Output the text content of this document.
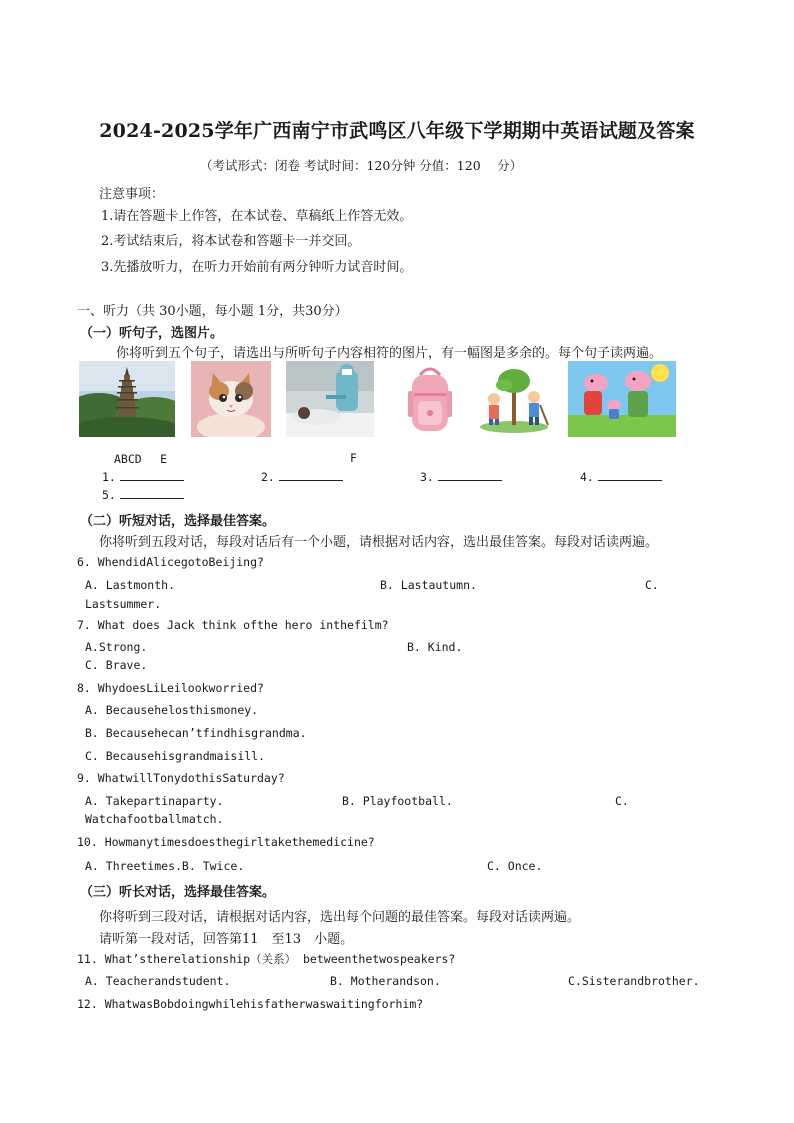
2024-2025学年广西南宁市武鸣区八年级下学期期中英语试题及答案
（考试形式：闭卷 考试时间：120分钟 分值：120　 分）
注意事项：
1.请在答题卡上作答，在本试卷、草稿纸上作答无效。
2.考试结束后，将本试卷和答题卡一并交回。
3.先播放听力，在听力开始前有两分钟听力试音时间。
一、听力（共 30小题，每小题 1分，共30分）
（一）听句子，选图片。
你将听到五个句子，请选出与所听句子内容相符的图片，有一幅图是多余的。每个句子读两遍。
ABCD　 E	F
1.	2.	3.	4.
5.
（二）听短对话，选择最佳答案。
你将听到五段对话，每段对话后有一个小题，请根据对话内容，选出最佳答案。每段对话读两遍。
6. WhendidAlicegotoBeijing?
A. Lastmonth.	B. Lastautumn.	C.
Lastsummer.
7. What does Jack think ofthe hero inthefilm?
A.Strong.	B. Kind.
C. Brave.
8. WhydoesLiLeilookworried?
A. Becausehelosthismoney.
B. Becausehecan’tfindhisgrandma.
C. Becausehisgrandmaisill.
9. WhatwillTonydothisSaturday?
A. Takepartinaparty.	B. Playfootball.	C.
Watchafootballmatch.
10. Howmanytimesdoesthegirltakethemedicine?
A. Threetimes.B. Twice.	C. Once.
（三）听长对话，选择最佳答案。
你将听到三段对话，请根据对话内容，选出每个问题的最佳答案。每段对话读两遍。
请听第一段对话，回答第11　至13　小题。
11. What’stherelationship（关系） betweenthetwospeakers?
A. Teacherandstudent.	B. Motherandson.	C.Sisterandbrother.
12. WhatwasBobdoingwhilehisfatherwaswaitingforhim?
